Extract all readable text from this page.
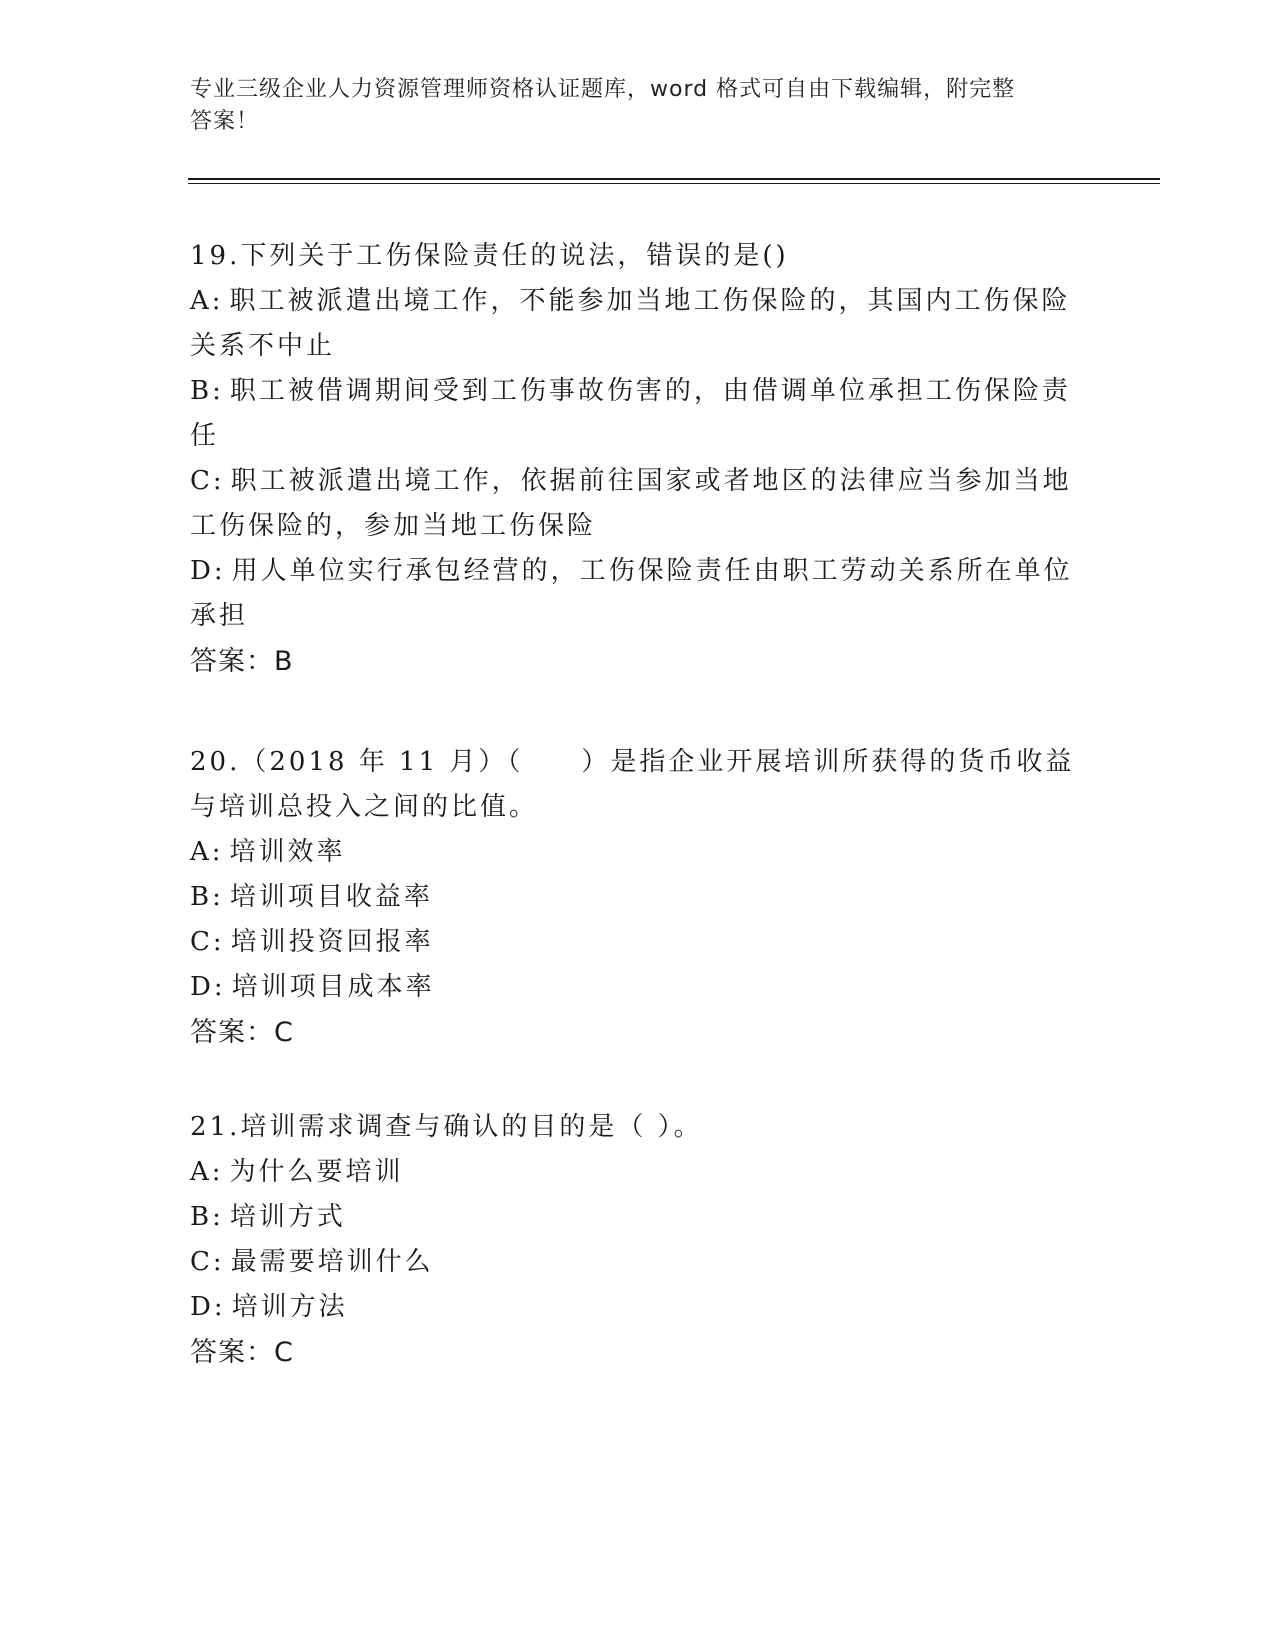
专业三级企业人力资源管理师资格认证题库，word 格式可自由下载编辑，附完整
答案！

19.下列关于工伤保险责任的说法，错误的是()

A: 职工被派遣出境工作，不能参加当地工伤保险的，其国内工伤保险关系不中止

B: 职工被借调期间受到工伤事故伤害的，由借调单位承担工伤保险责任

C: 职工被派遣出境工作，依据前往国家或者地区的法律应当参加当地工伤保险的，参加当地工伤保险

D: 用人单位实行承包经营的，工伤保险责任由职工劳动关系所在单位承担

答案：B

20.（2018 年 11 月）（　　）是指企业开展培训所获得的货币收益与培训总投入之间的比值。

A: 培训效率

B: 培训项目收益率

C: 培训投资回报率

D: 培训项目成本率

答案：C

21.培训需求调查与确认的目的是（ ）。

A: 为什么要培训

B: 培训方式

C: 最需要培训什么

D: 培训方法

答案：C
